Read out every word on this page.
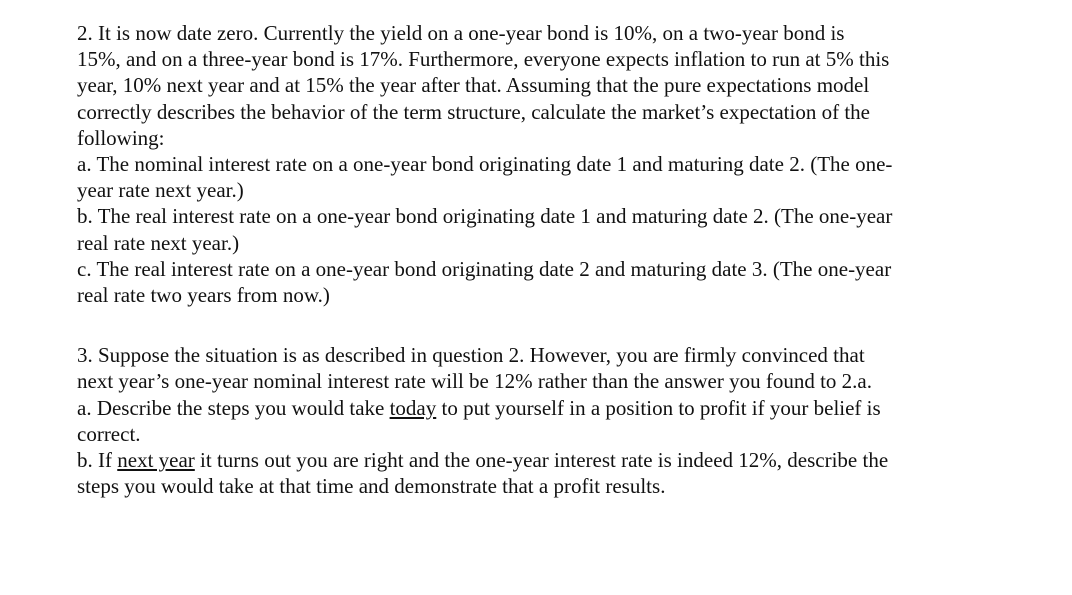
2. It is now date zero. Currently the yield on a one-year bond is 10%, on a two-year bond is
15%, and on a three-year bond is 17%. Furthermore, everyone expects inflation to run at 5% this
year, 10% next year and at 15% the year after that. Assuming that the pure expectations model
correctly describes the behavior of the term structure, calculate the market’s expectation of the
following:
a. The nominal interest rate on a one-year bond originating date 1 and maturing date 2. (The one-
year rate next year.)
b. The real interest rate on a one-year bond originating date 1 and maturing date 2. (The one-year
real rate next year.)
c. The real interest rate on a one-year bond originating date 2 and maturing date 3. (The one-year
real rate two years from now.)
3. Suppose the situation is as described in question 2. However, you are firmly convinced that
next year’s one-year nominal interest rate will be 12% rather than the answer you found to 2.a.
a. Describe the steps you would take today to put yourself in a position to profit if your belief is
correct.
b. If next year it turns out you are right and the one-year interest rate is indeed 12%, describe the
steps you would take at that time and demonstrate that a profit results.
